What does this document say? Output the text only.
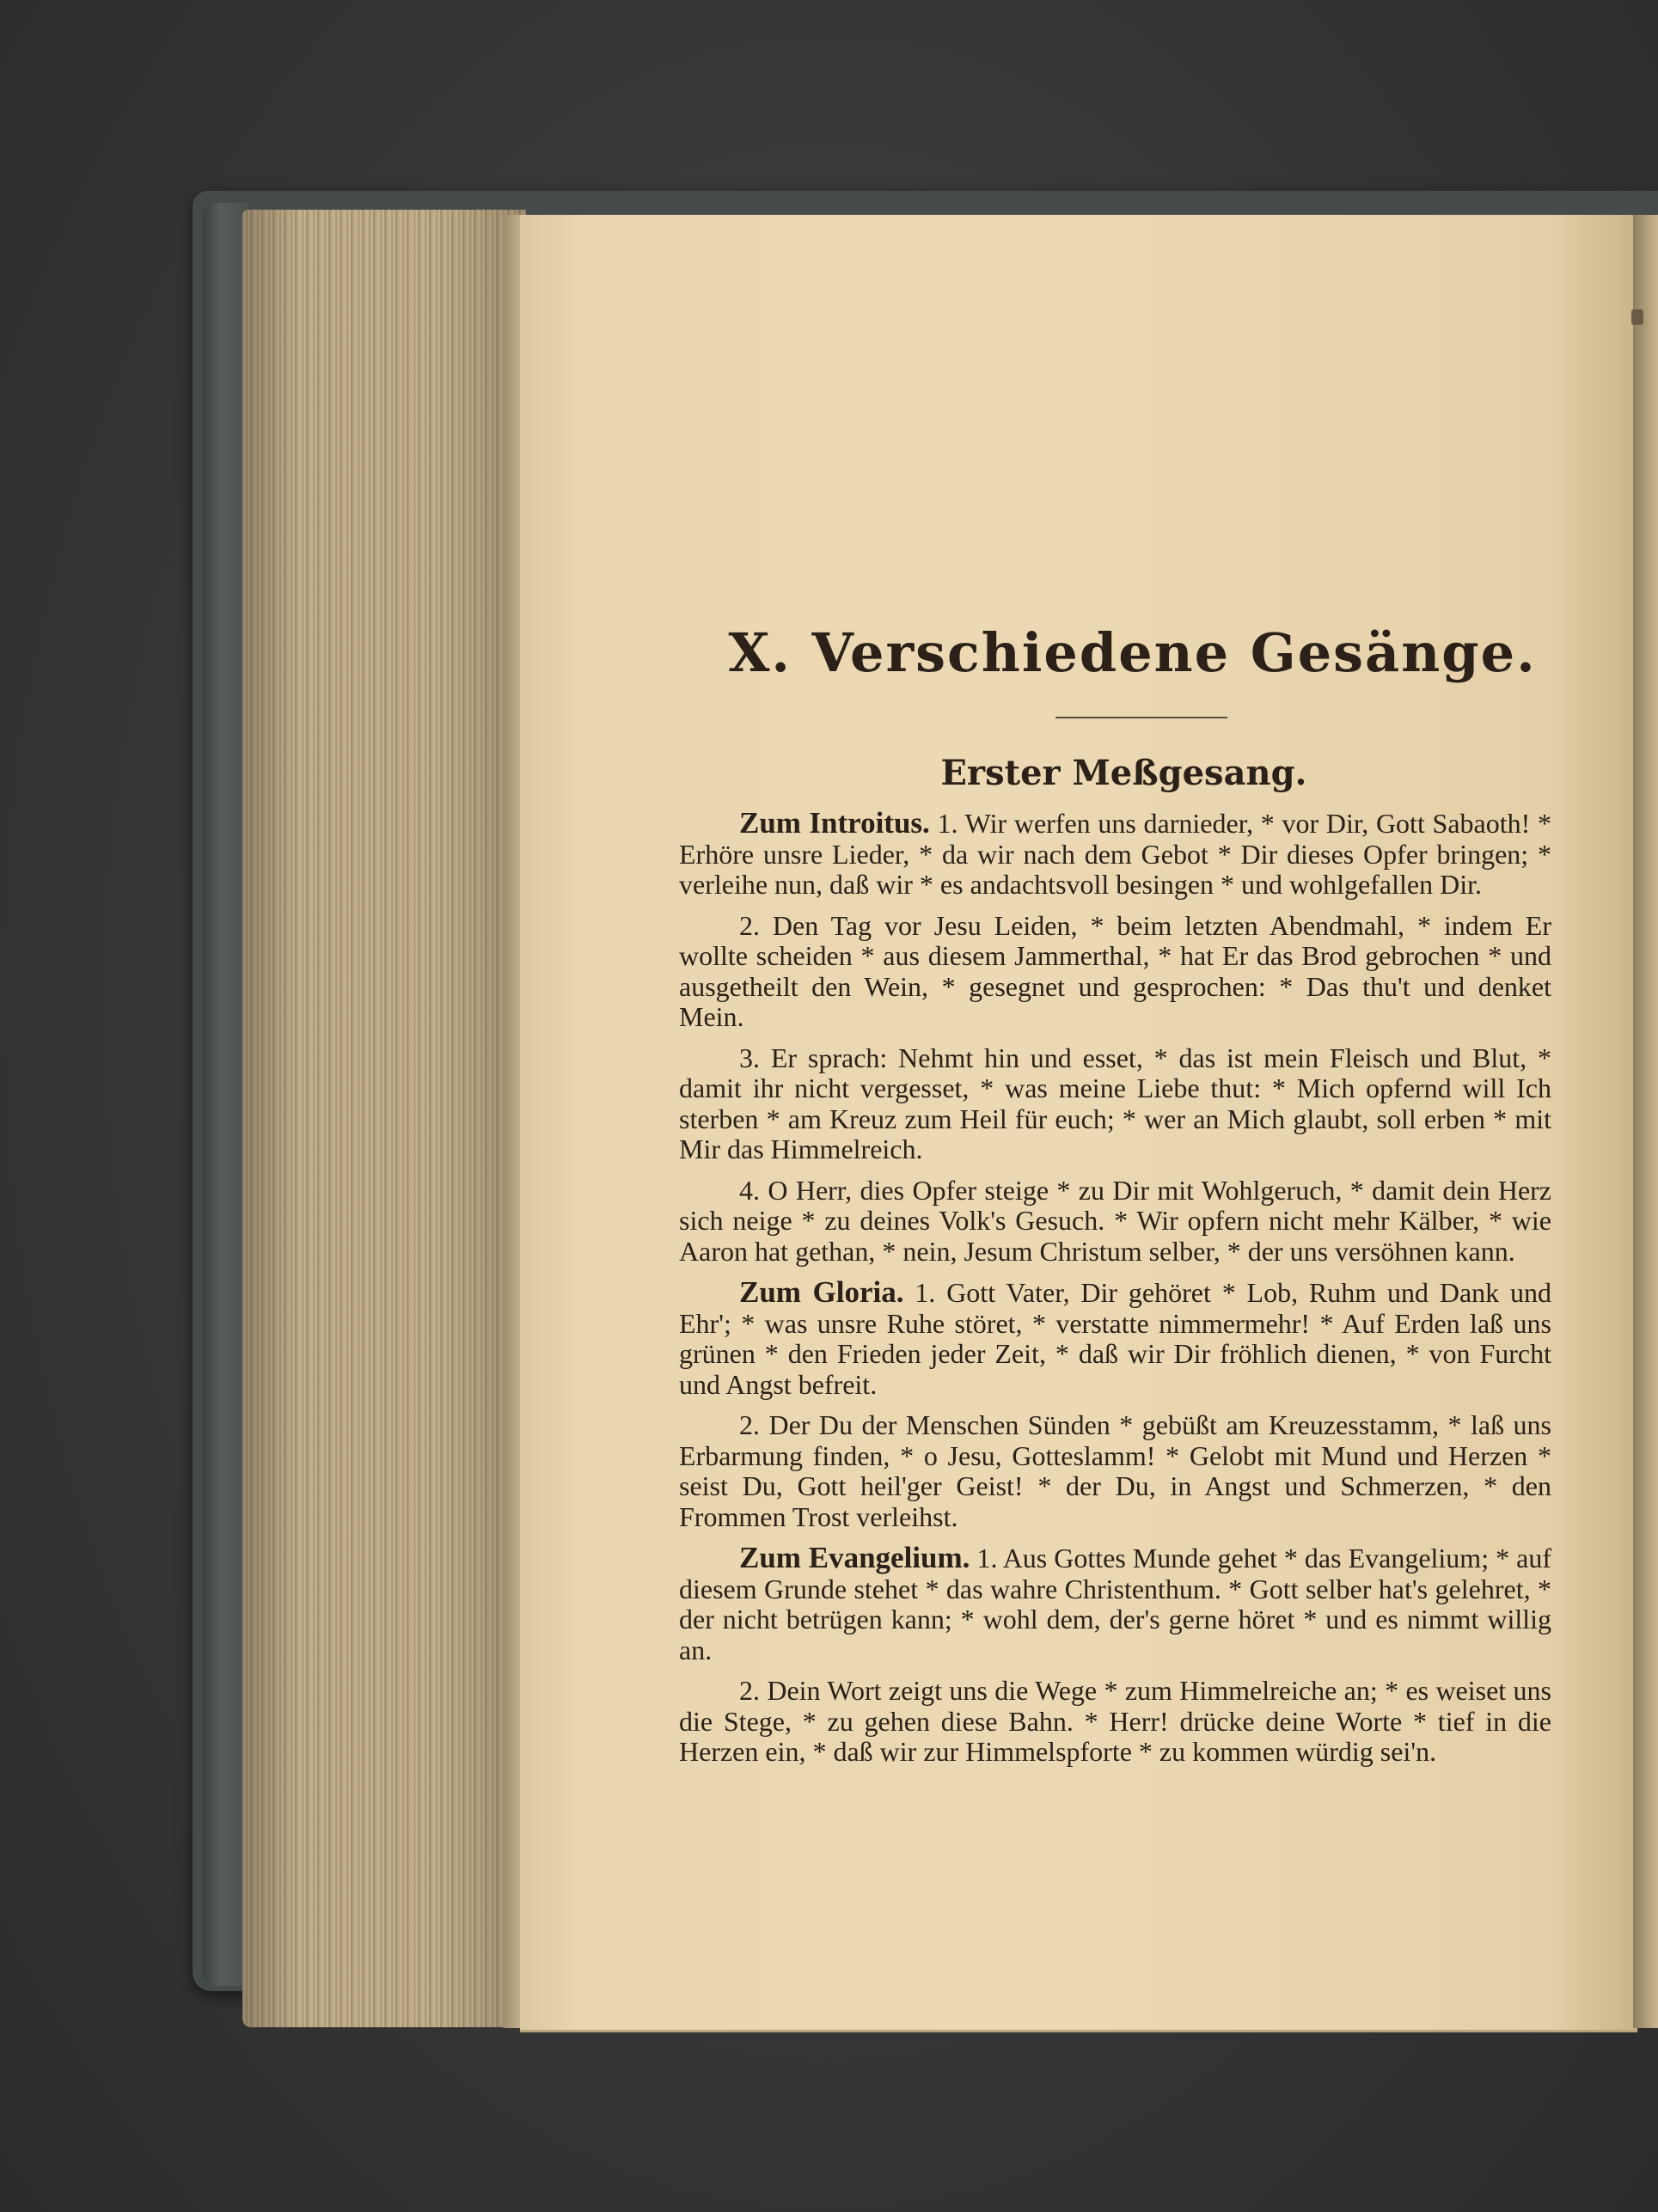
X. Verschiedene Gesänge.
Erster Meßgesang.

Zum Introitus. 1. Wir werfen uns darnieder, * vor Dir, Gott Sabaoth! * Erhöre unsre Lieder, * da wir nach dem Gebot * Dir dieses Opfer bringen; * verleihe nun, daß wir * es andachtsvoll besingen * und wohlgefallen Dir.

2. Den Tag vor Jesu Leiden, * beim letzten Abendmahl, * indem Er wollte scheiden * aus diesem Jammerthal, * hat Er das Brod gebrochen * und ausgetheilt den Wein, * gesegnet und gesprochen: * Das thu't und denket Mein.

3. Er sprach: Nehmt hin und esset, * das ist mein Fleisch und Blut, * damit ihr nicht vergesset, * was meine Liebe thut: * Mich opfernd will Ich sterben * am Kreuz zum Heil für euch; * wer an Mich glaubt, soll erben * mit Mir das Himmelreich.

4. O Herr, dies Opfer steige * zu Dir mit Wohlgeruch, * damit dein Herz sich neige * zu deines Volk's Gesuch. * Wir opfern nicht mehr Kälber, * wie Aaron hat gethan, * nein, Jesum Christum selber, * der uns versöhnen kann.

Zum Gloria. 1. Gott Vater, Dir gehöret * Lob, Ruhm und Dank und Ehr'; * was unsre Ruhe störet, * verstatte nimmermehr! * Auf Erden laß uns grünen * den Frieden jeder Zeit, * daß wir Dir fröhlich dienen, * von Furcht und Angst befreit.

2. Der Du der Menschen Sünden * gebüßt am Kreuzesstamm, * laß uns Erbarmung finden, * o Jesu, Gotteslamm! * Gelobt mit Mund und Herzen * seist Du, Gott heil'ger Geist! * der Du, in Angst und Schmerzen, * den Frommen Trost verleihst.

Zum Evangelium. 1. Aus Gottes Munde gehet * das Evangelium; * auf diesem Grunde stehet * das wahre Christenthum. * Gott selber hat's gelehret, * der nicht betrügen kann; * wohl dem, der's gerne höret * und es nimmt willig an.

2. Dein Wort zeigt uns die Wege * zum Himmelreiche an; * es weiset uns die Stege, * zu gehen diese Bahn. * Herr! drücke deine Worte * tief in die Herzen ein, * daß wir zur Himmelspforte * zu kommen würdig sei'n.
